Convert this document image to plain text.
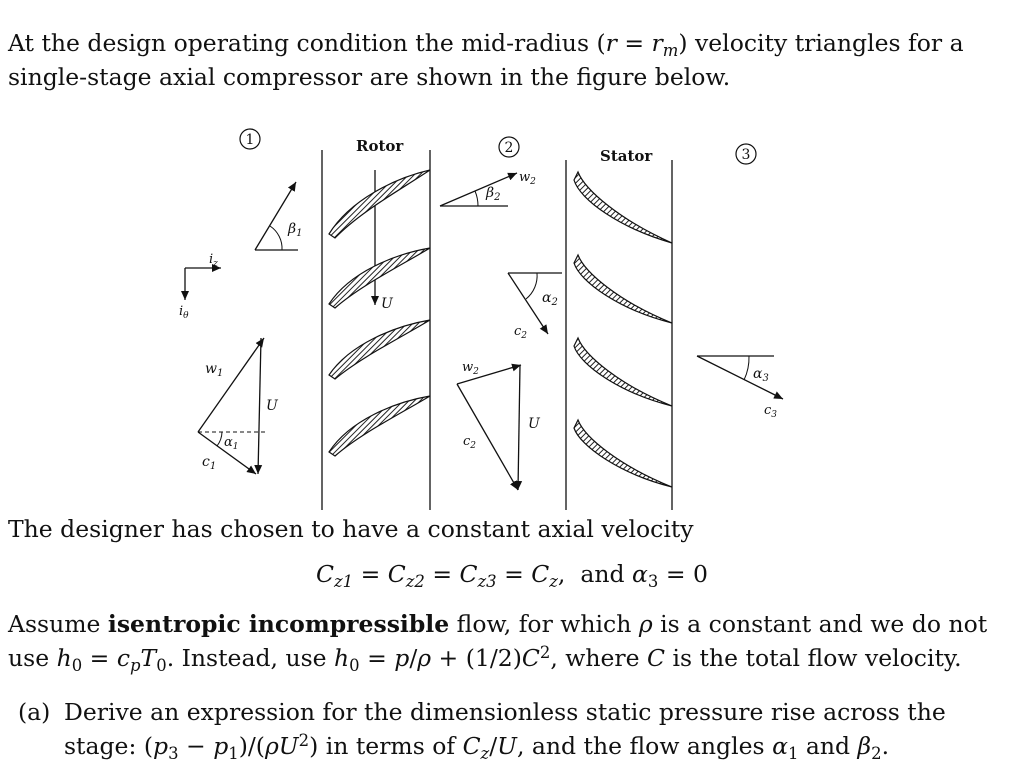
At the design operating condition the mid-radius $(r = r_m)$ velocity triangles for a single-stage axial compressor are shown in the figure below.

1	2	3
Rotor
Stator
$i_z$
$i_\theta$
$\beta_1$
$w_1$
U
$\alpha_1$
$c_1$
U
$\beta_2$
$w_2$
$\alpha_2$
$c_2$
$w_2$
U
$c_2$
$\alpha_3$
$c_3$

The designer has chosen to have a constant axial velocity

$C_{z1} = C_{z2} = C_{z3} = C_z$,  and $\alpha_3 = 0$

Assume isentropic incompressible flow, for which ρ is a constant and we do not use $h_0 = c_pT_0$. Instead, use $h_0 = p/\rho + (1/2)C^2$, where C is the total flow velocity.

(a) Derive an expression for the dimensionless static pressure rise across the stage: $(p_3 - p_1)/(\rho U^2)$ in terms of $C_z/U$, and the flow angles $\alpha_1$ and $\beta_2$.
